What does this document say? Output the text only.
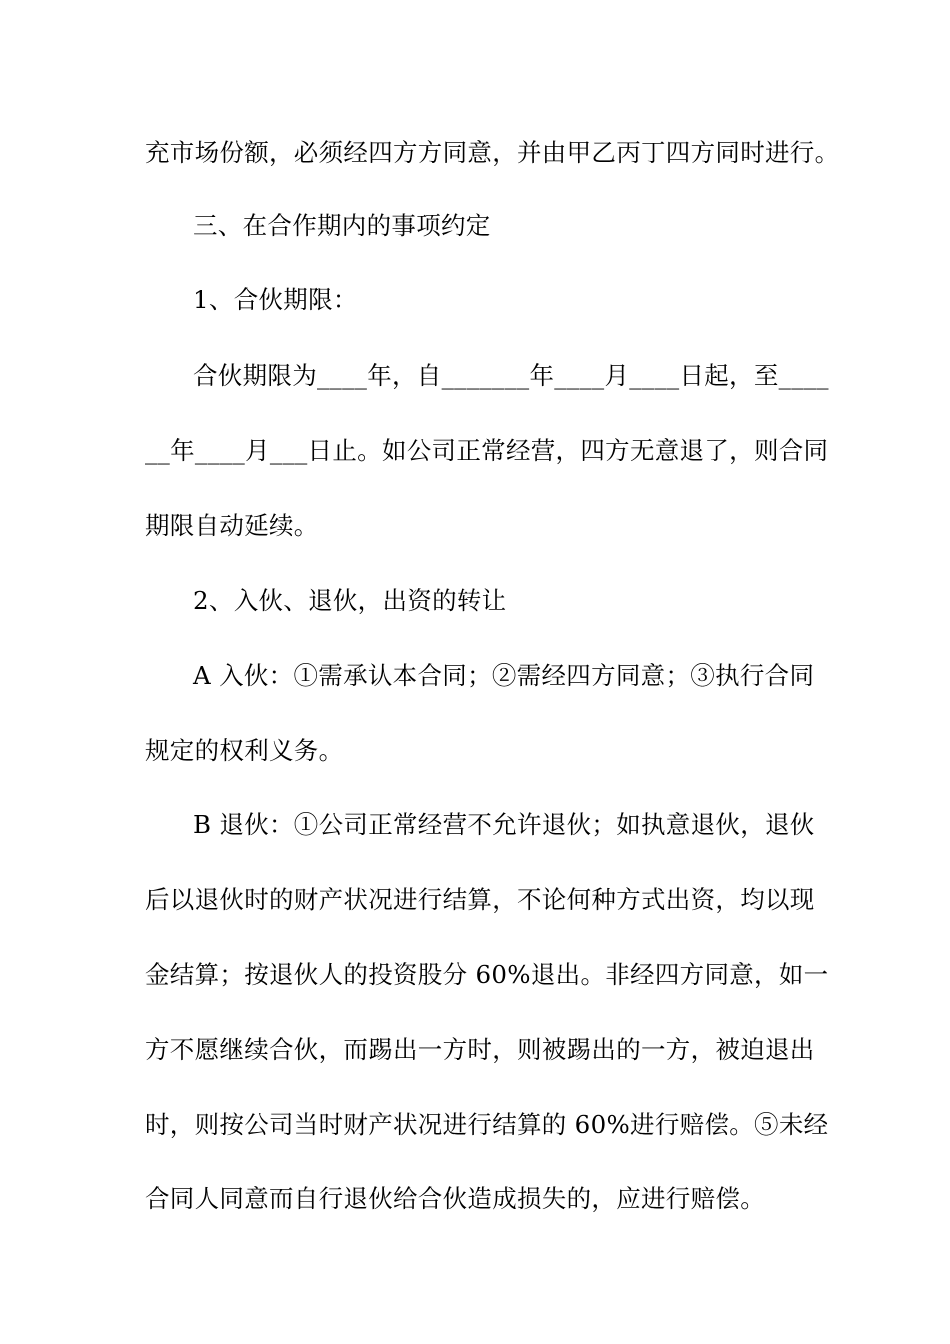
充市场份额，必须经四方方同意，并由甲乙丙丁四方同时进行。
三、在合作期内的事项约定
1、合伙期限：
合伙期限为____年，自_______年____月____日起，至____
__年____月___日止。如公司正常经营，四方无意退了，则合同
期限自动延续。
2、入伙、退伙，出资的转让
A 入伙：①需承认本合同；②需经四方同意；③执行合同
规定的权利义务。
B 退伙：①公司正常经营不允许退伙；如执意退伙，退伙
后以退伙时的财产状况进行结算，不论何种方式出资，均以现
金结算；按退伙人的投资股分 60%退出。非经四方同意，如一
方不愿继续合伙，而踢出一方时，则被踢出的一方，被迫退出
时，则按公司当时财产状况进行结算的 60%进行赔偿。⑤未经
合同人同意而自行退伙给合伙造成损失的，应进行赔偿。
